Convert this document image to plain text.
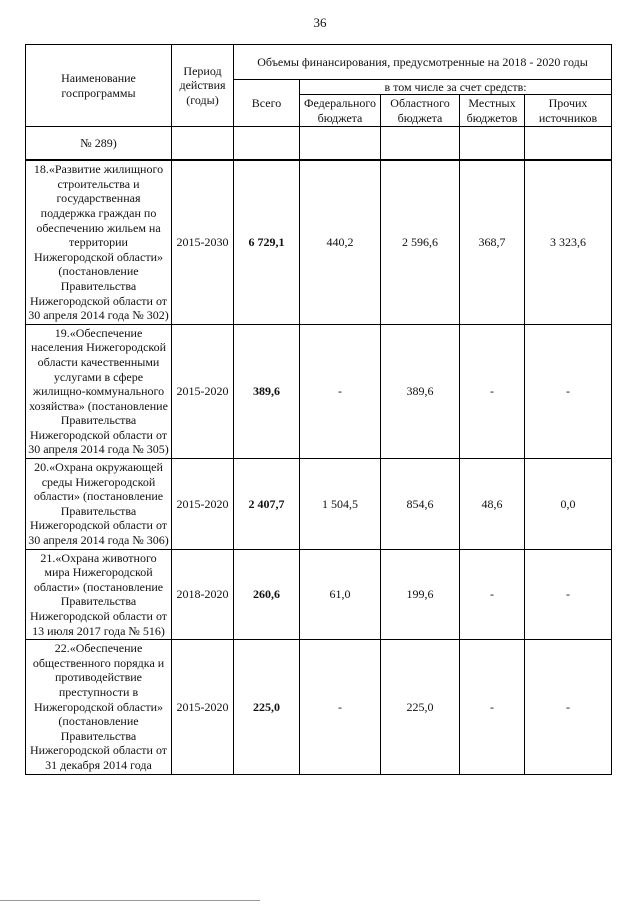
36
Наименование госпрограммы	Период действия (годы)	Объемы финансирования, предусмотренные на 2018 - 2020 годы				
		Всего	в том числе за счет средств:			
			Федерального бюджета	Областного бюджета	Местных бюджетов	Прочих источников
№ 289)						

18.«Развитие жилищного строительства и государственная поддержка граждан по обеспечению жильем на территории Нижегородской области» (постановление Правительства Нижегородской области от 30 апреля 2014 года № 302)	2015-2030	6 729,1	440,2	2 596,6	368,7	3 323,6
19.«Обеспечение населения Нижегородской области качественными услугами в сфере жилищно-коммунального хозяйства» (постановление Правительства Нижегородской области от 30 апреля 2014 года № 305)	2015-2020	389,6	-	389,6	-	-
20.«Охрана окружающей среды Нижегородской области» (постановление Правительства Нижегородской области от 30 апреля 2014 года № 306)	2015-2020	2 407,7	1 504,5	854,6	48,6	0,0
21.«Охрана животного мира Нижегородской области» (постановление Правительства Нижегородской области от 13 июля 2017 года № 516)	2018-2020	260,6	61,0	199,6	-	-
22.«Обеспечение общественного порядка и противодействие преступности в Нижегородской области» (постановление Правительства Нижегородской области от 31 декабря 2014 года	2015-2020	225,0	-	225,0	-	-
